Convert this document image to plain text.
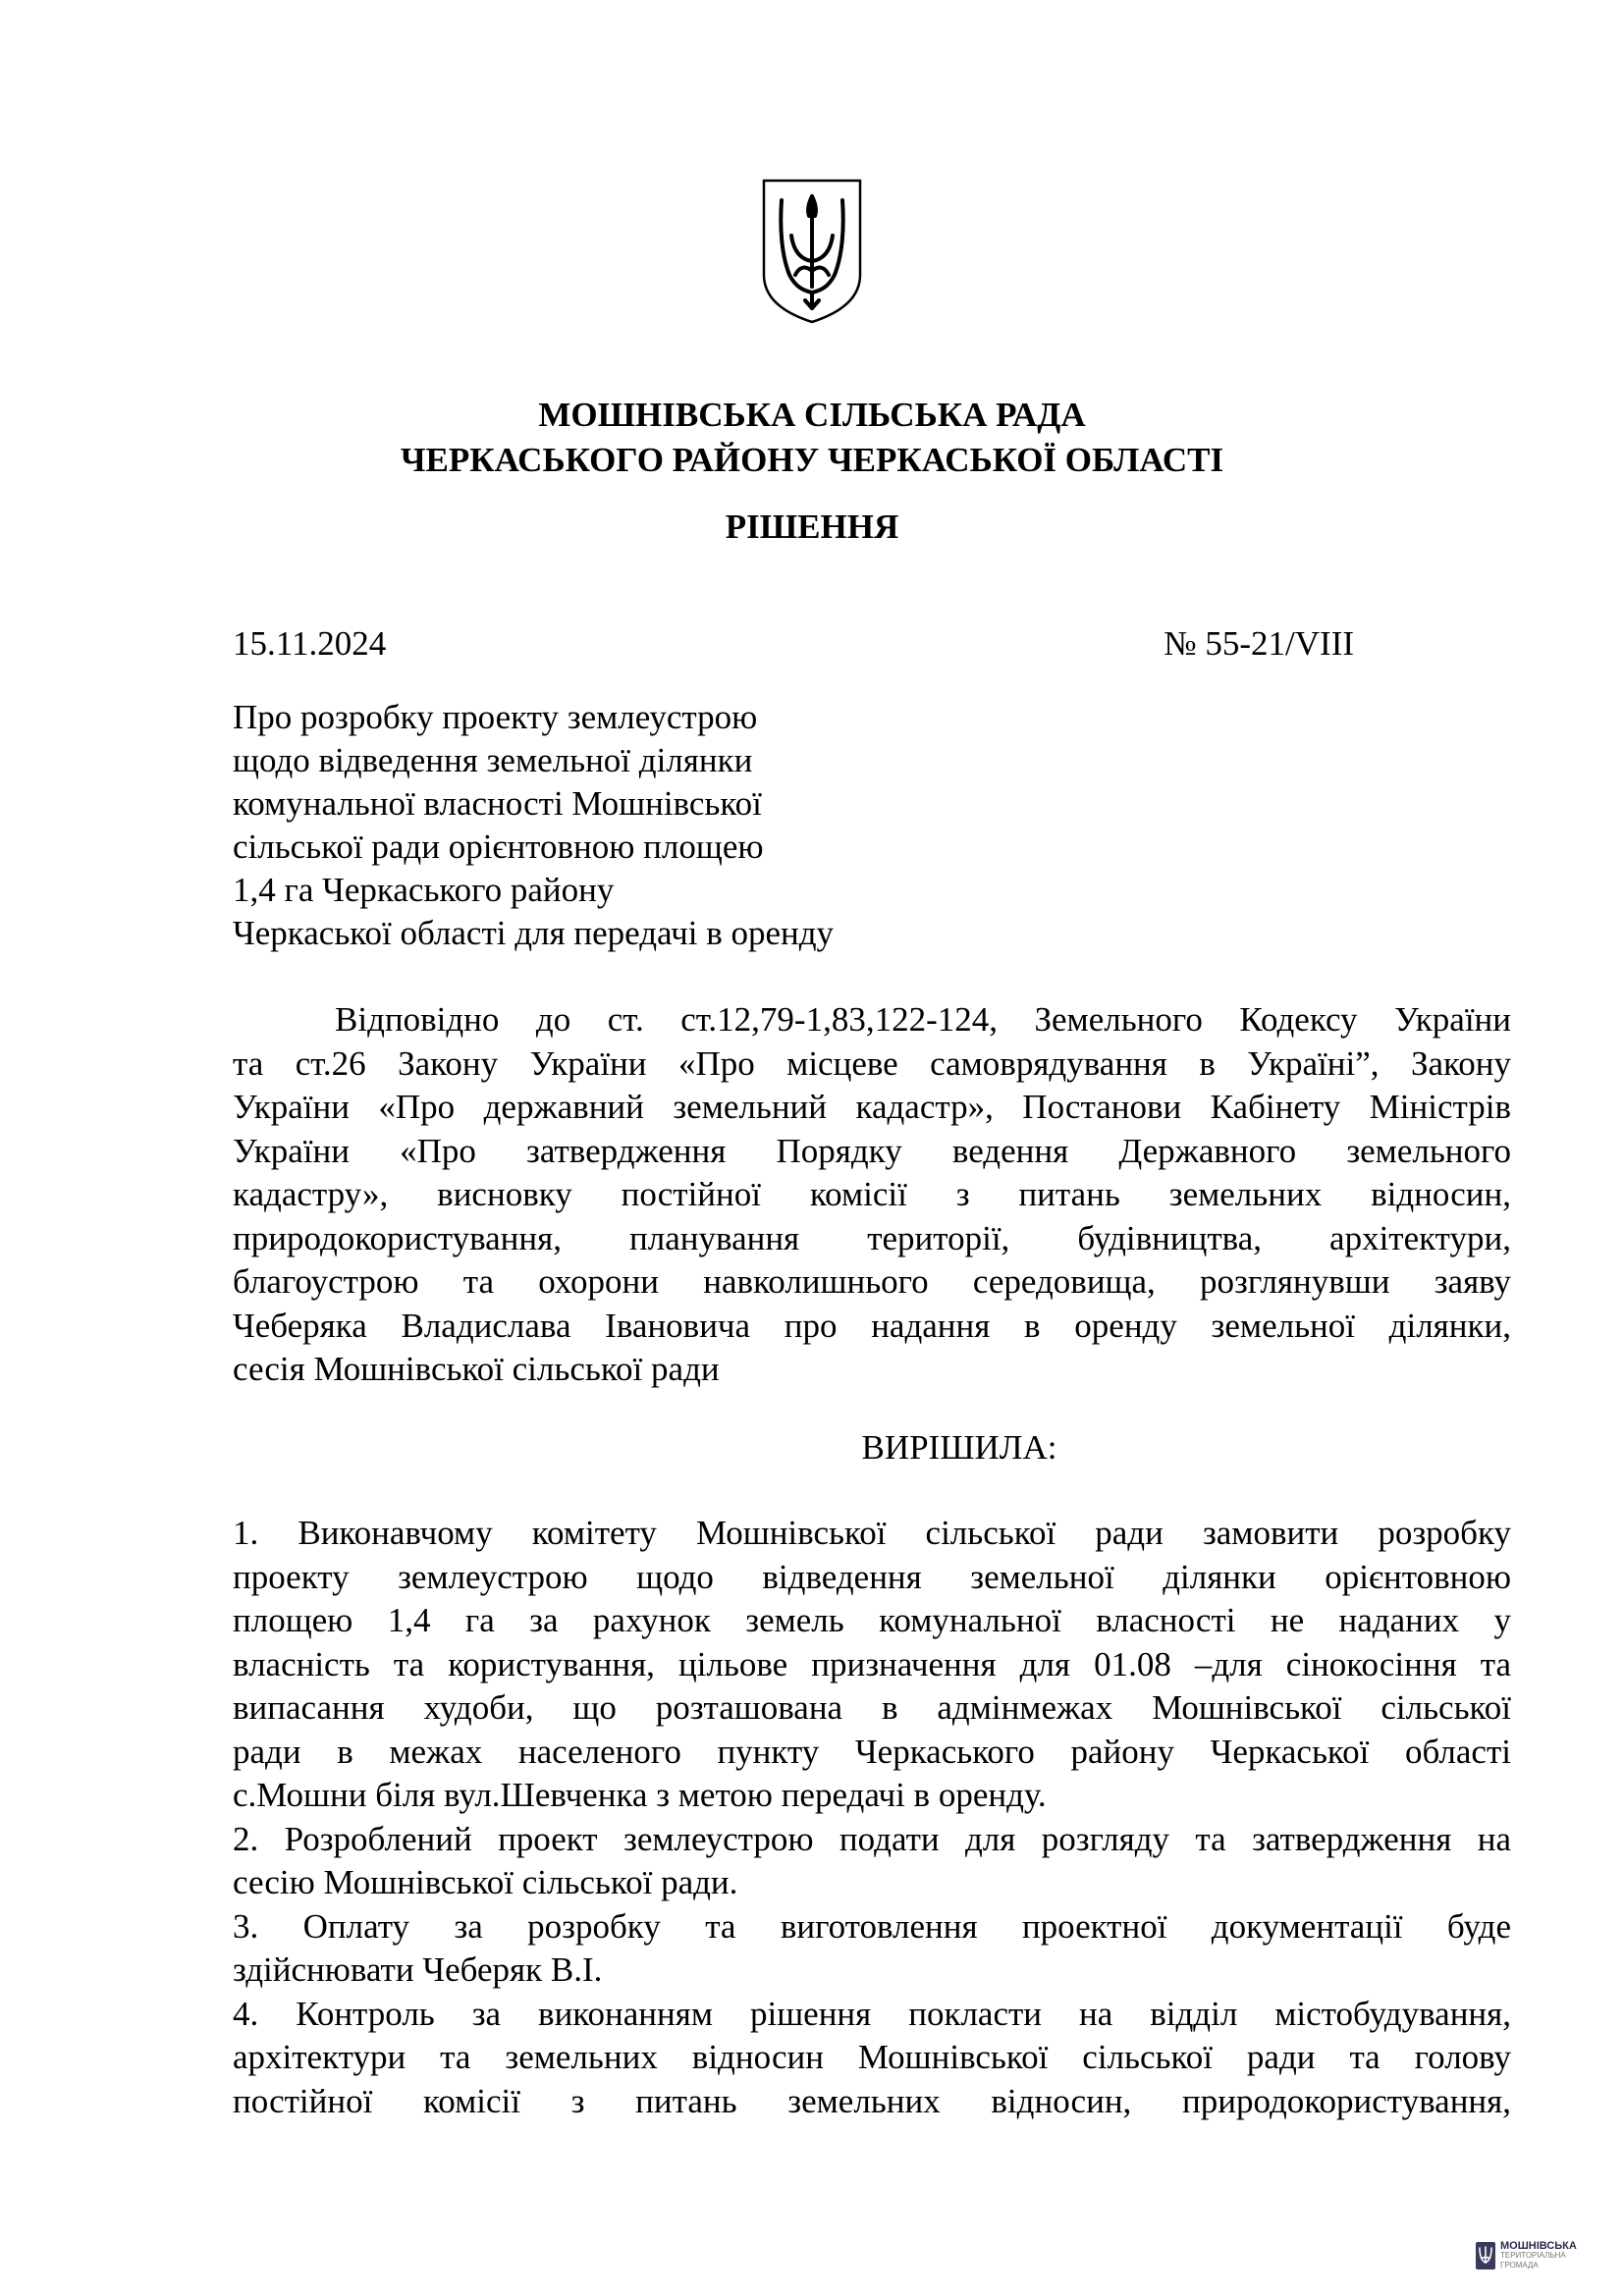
МОШНІВСЬКА СІЛЬСЬКА РАДА
ЧЕРКАСЬКОГО РАЙОНУ ЧЕРКАСЬКОЇ ОБЛАСТІ
РІШЕННЯ
15.11.2024	№ 55-21/VIII
Про розробку проекту землеустрою
щодо відведення земельної ділянки
комунальної власності Мошнівської
сільської ради орієнтовною площею
1,4 га Черкаського району
Черкаської області для передачі в оренду
Відповідно до ст. ст.12,79-1,83,122-124, Земельного Кодексу України
та ст.26 Закону України «Про місцеве самоврядування в Україні”, Закону
України «Про державний земельний кадастр», Постанови Кабінету Міністрів
України «Про затвердження Порядку ведення Державного земельного
кадастру», висновку постійної комісії з питань земельних відносин,
природокористування, планування території, будівництва, архітектури,
благоустрою та охорони навколишнього середовища, розглянувши заяву
Чеберяка Владислава Івановича про надання в оренду земельної ділянки,
сесія Мошнівської сільської ради
ВИРІШИЛА:
1. Виконавчому комітету Мошнівської сільської ради замовити розробку
проекту землеустрою щодо відведення земельної ділянки орієнтовною
площею 1,4 га за рахунок земель комунальної власності не наданих у
власність та користування, цільове призначення для 01.08 –для сінокосіння та
випасання худоби, що розташована в адмінмежах Мошнівської сільської
ради в межах населеного пункту Черкаського району Черкаської області
с.Мошни біля вул.Шевченка з метою передачі в оренду.
2. Розроблений проект землеустрою подати для розгляду та затвердження на
сесію Мошнівської сільської ради.
3. Оплату за розробку та виготовлення проектної документації буде
здійснювати Чеберяк В.І.
4. Контроль за виконанням рішення покласти на відділ містобудування,
архітектури та земельних відносин Мошнівської сільської ради та голову
постійної комісії з питань земельних відносин, природокористування,
МОШНІВСЬКА
ТЕРИТОРІАЛЬНА
ГРОМАДА
